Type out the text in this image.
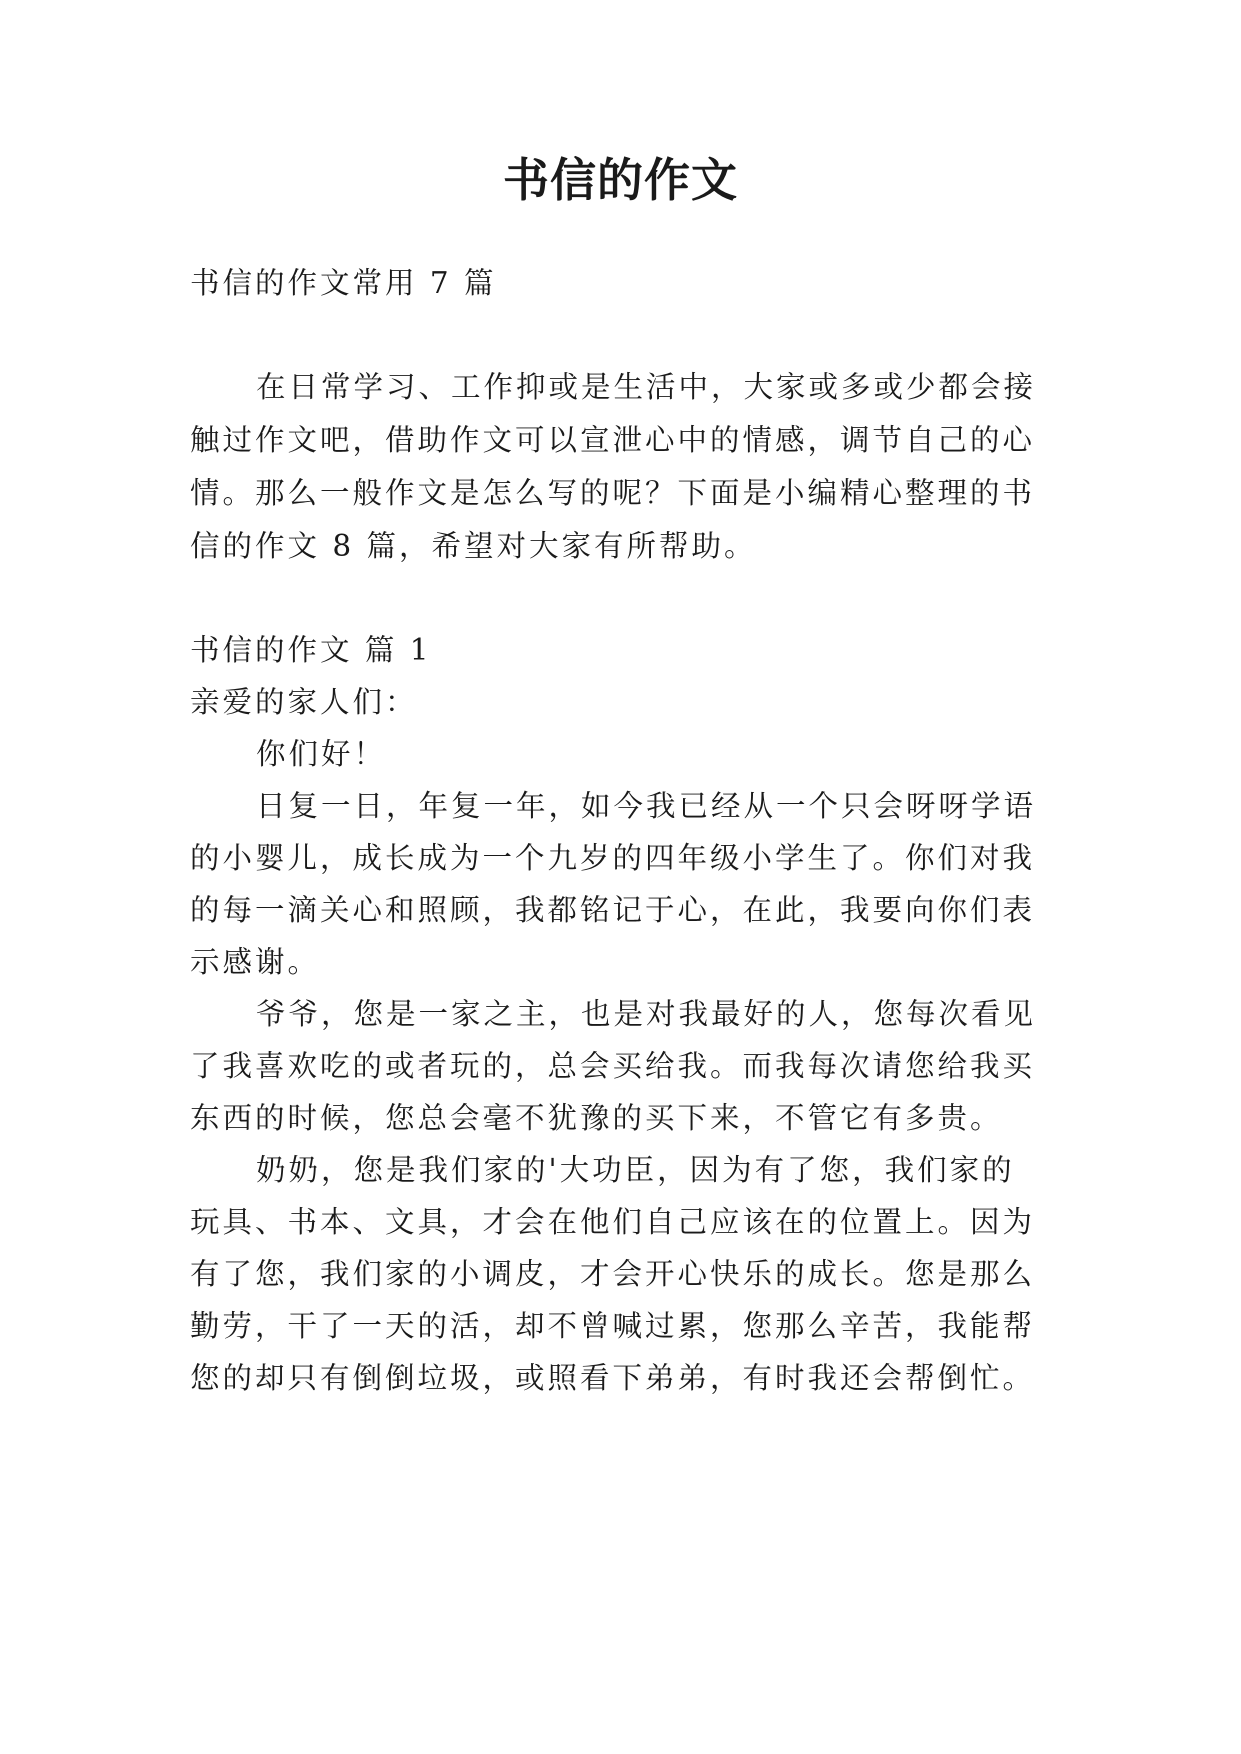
书信的作文
书信的作文常用 7 篇
在日常学习、工作抑或是生活中，大家或多或少都会接
触过作文吧，借助作文可以宣泄心中的情感，调节自己的心
情。那么一般作文是怎么写的呢？下面是小编精心整理的书
信的作文 8 篇，希望对大家有所帮助。
书信的作文 篇 1
亲爱的家人们：
你们好！
日复一日，年复一年，如今我已经从一个只会呀呀学语
的小婴儿，成长成为一个九岁的四年级小学生了。你们对我
的每一滴关心和照顾，我都铭记于心，在此，我要向你们表
示感谢。
爷爷，您是一家之主，也是对我最好的人，您每次看见
了我喜欢吃的或者玩的，总会买给我。而我每次请您给我买
东西的时候，您总会毫不犹豫的买下来，不管它有多贵。
奶奶，您是我们家的'大功臣，因为有了您，我们家的
玩具、书本、文具，才会在他们自己应该在的位置上。因为
有了您，我们家的小调皮，才会开心快乐的成长。您是那么
勤劳，干了一天的活，却不曾喊过累，您那么辛苦，我能帮
您的却只有倒倒垃圾，或照看下弟弟，有时我还会帮倒忙。
